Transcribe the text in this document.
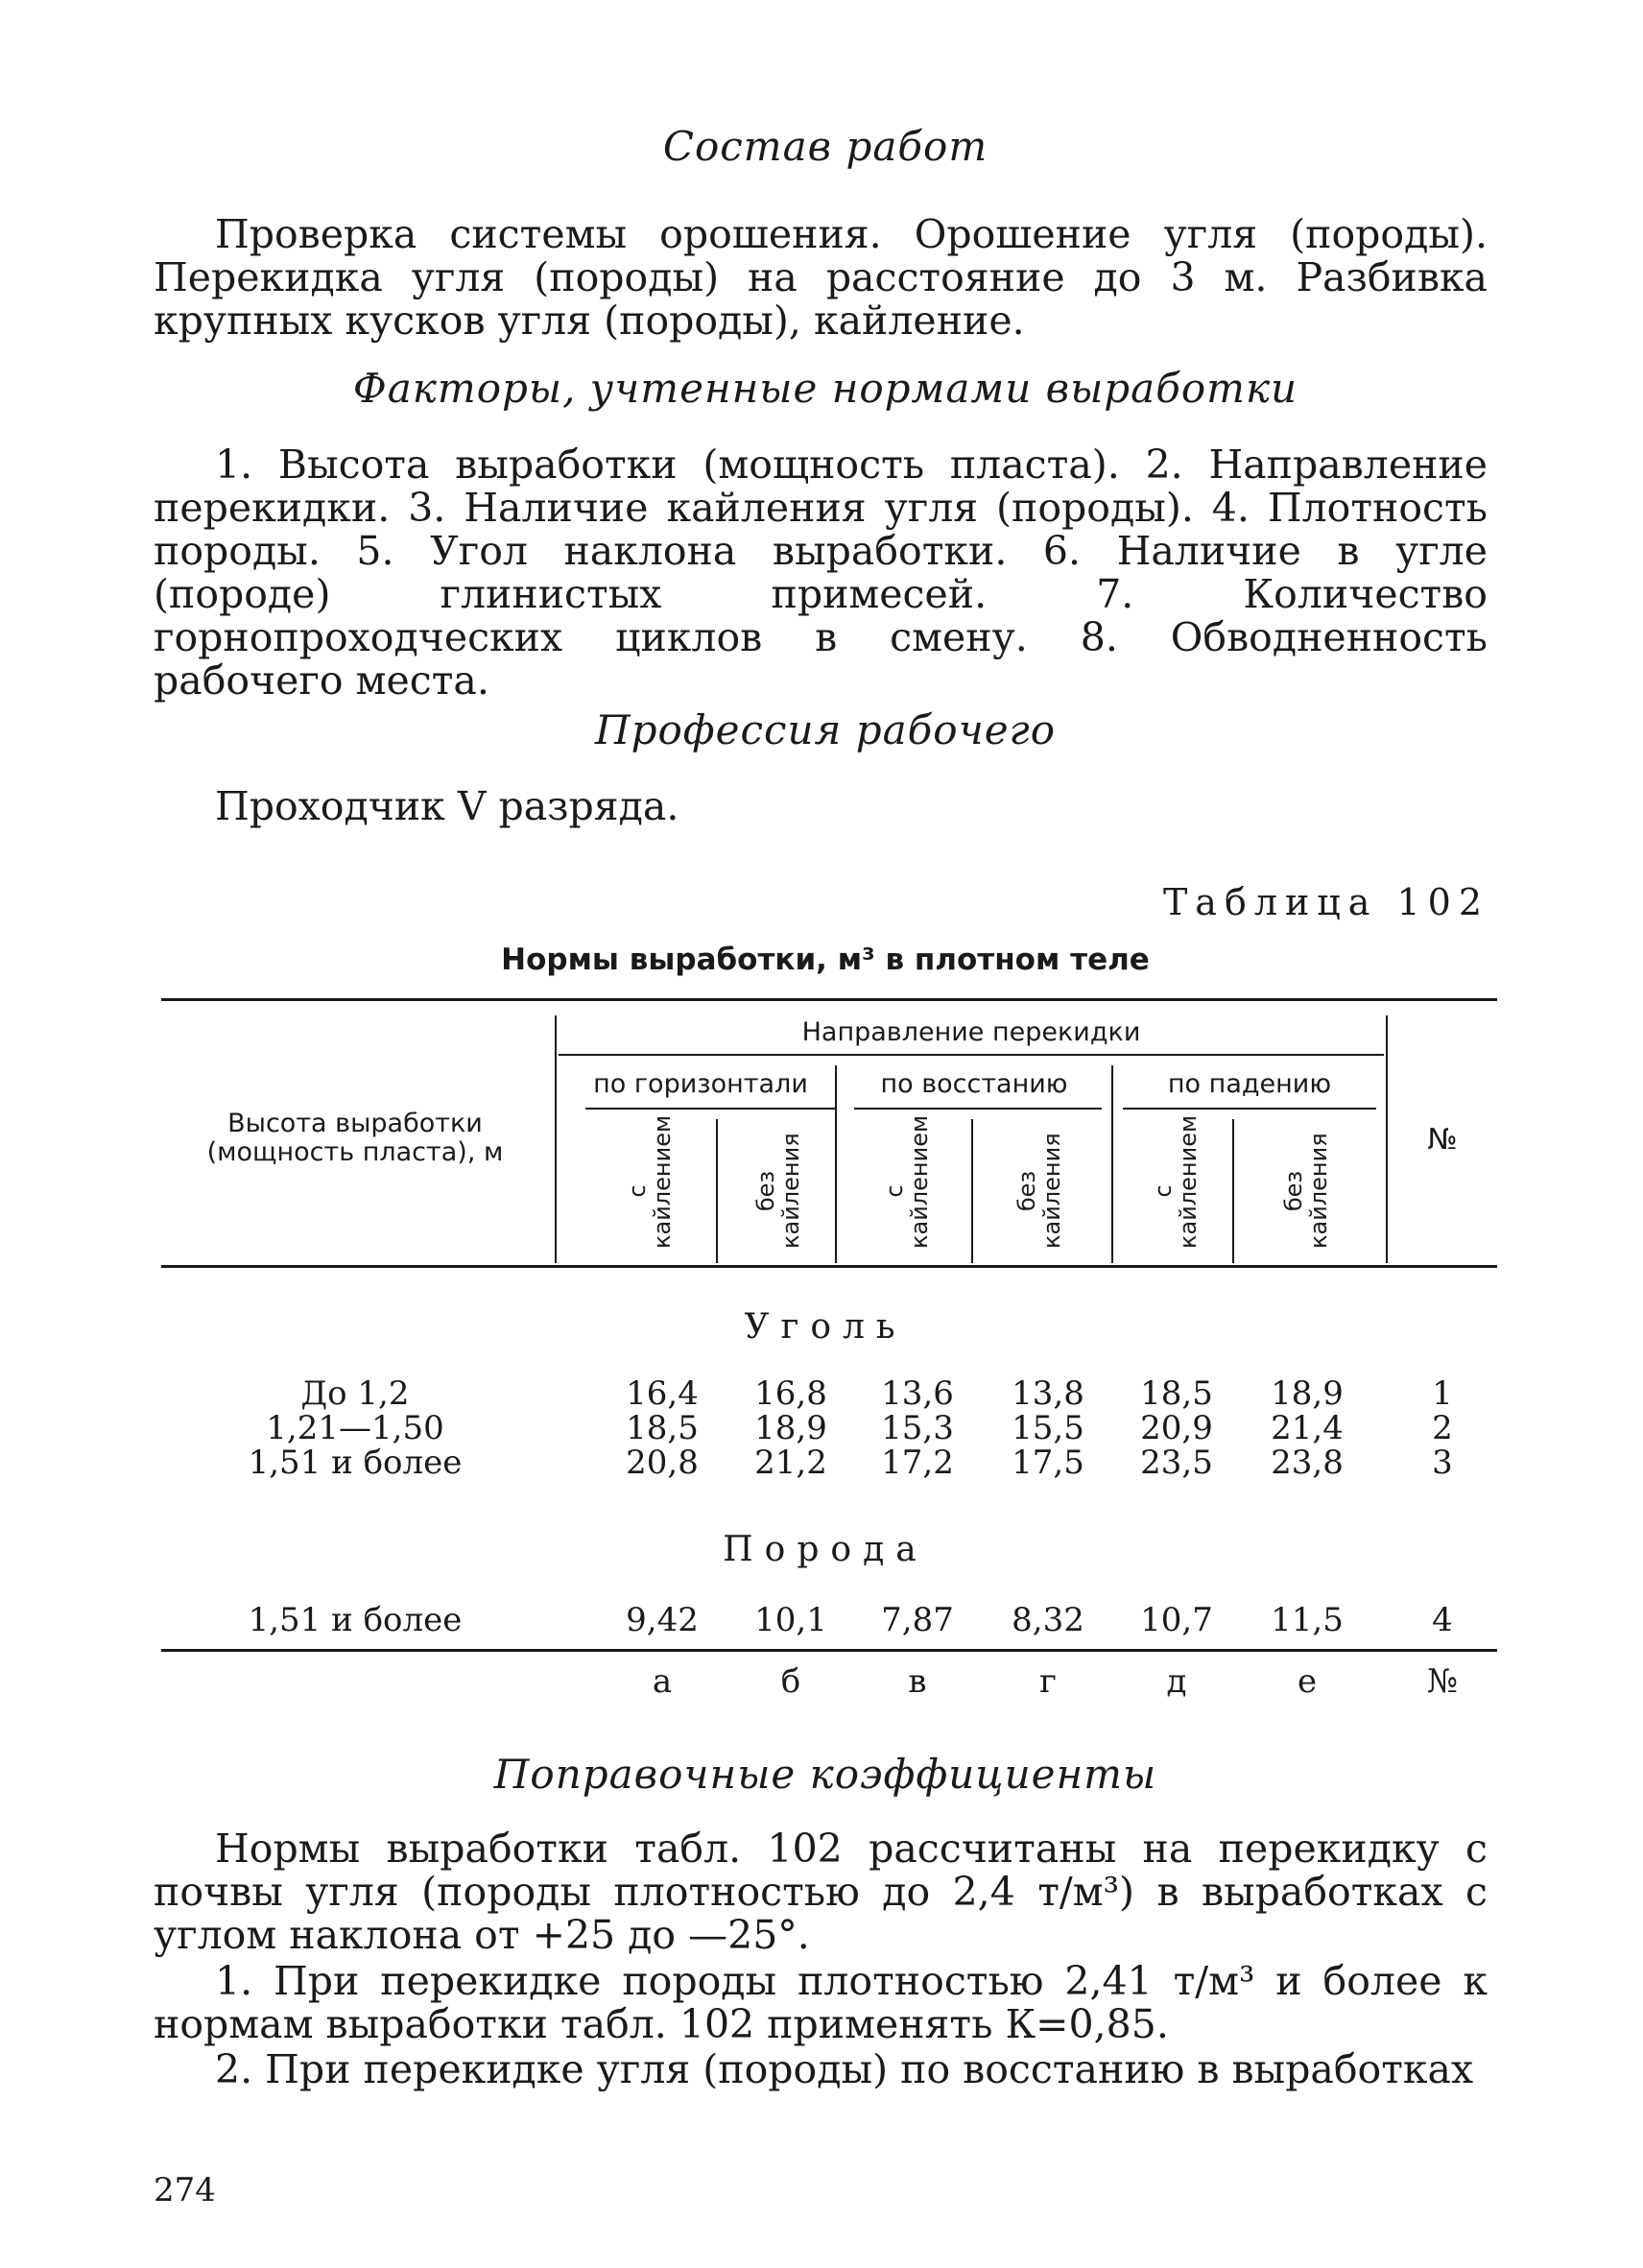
Состав работ

Проверка системы орошения. Орошение угля (породы). Перекидка угля (породы) на расстояние до 3 м. Разбивка крупных кусков угля (породы), кайление.

Факторы, учтенные нормами выработки

1. Высота выработки (мощность пласта). 2. Направление перекидки. 3. Наличие кайления угля (породы). 4. Плотность породы. 5. Угол наклона выработки. 6. Наличие в угле (породе) глинистых примесей. 7. Количество горнопроходческих циклов в смену. 8. Обводненность рабочего места.

Профессия рабочего

Проходчик V разряда.

Таблица 102
Нормы выработки, м³ в плотном теле
Высота выработки (мощность пласта), м
Направление перекидки
по горизонтали	по восстанию	по падению
№
с кайлением	без кайления	с кайлением	без кайления	с кайлением	без кайления
Уголь
До 1,2	16,4	16,8	13,6	13,8	18,5	18,9	1
1,21—1,50	18,5	18,9	15,3	15,5	20,9	21,4	2
1,51 и более	20,8	21,2	17,2	17,5	23,5	23,8	3
Порода
1,51 и более	9,42	10,1	7,87	8,32	10,7	11,5	4
а	б	в	г	д	е	№
Поправочные коэффициенты

Нормы выработки табл. 102 рассчитаны на перекидку с почвы угля (породы плотностью до 2,4 т/м³) в выработках с углом наклона от +25 до —25°.

1. При перекидке породы плотностью 2,41 т/м³ и более к нормам выработки табл. 102 применять К=0,85.

2. При перекидке угля (породы) по восстанию в выработках

274
